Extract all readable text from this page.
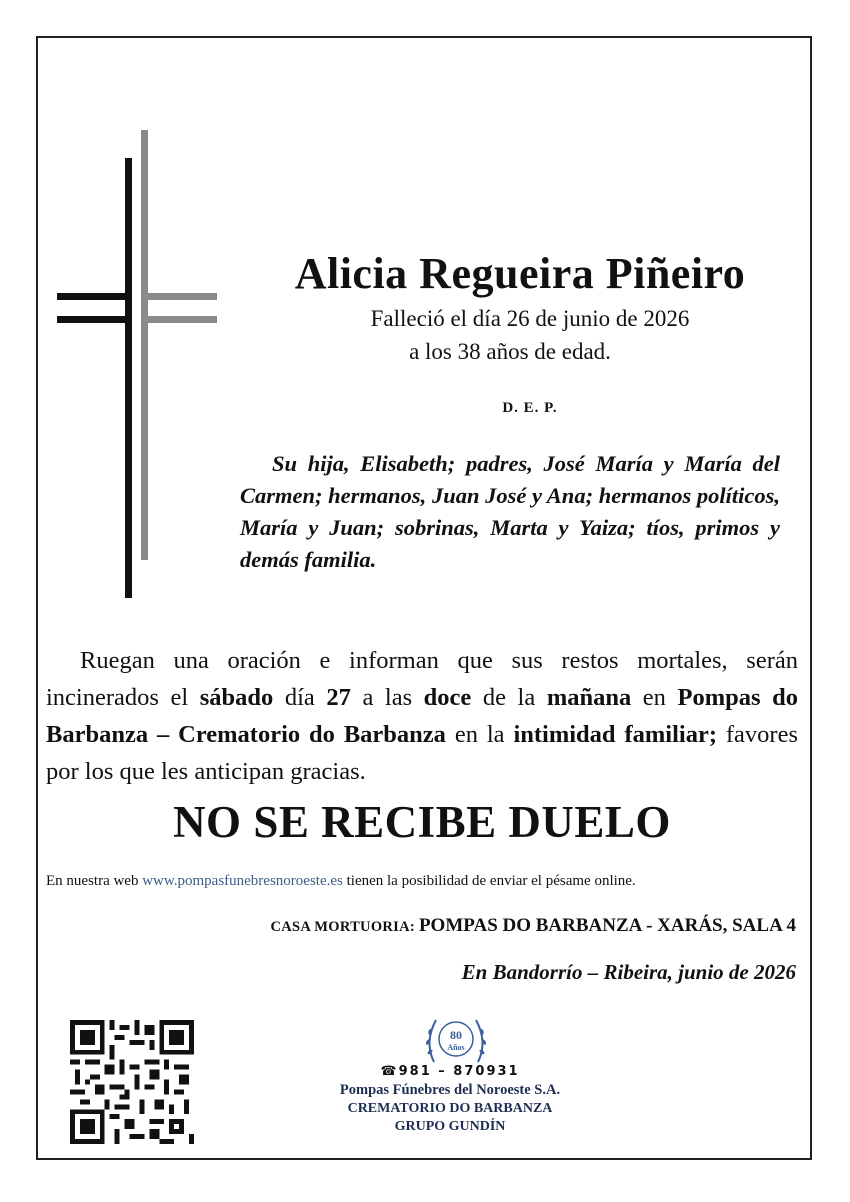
Alicia Regueira Piñeiro
Falleció el día 26 de junio de 2026
a los 38 años de edad.
D. E. P.
Su hija, Elisabeth; padres, José María y María del Carmen; hermanos, Juan José y Ana; hermanos políticos, María y Juan; sobrinas, Marta y Yaiza; tíos, primos y demás familia.
Ruegan una oración e informan que sus restos mortales, serán incinerados el sábado día 27 a las doce de la mañana en Pompas do Barbanza – Crematorio do Barbanza en la intimidad familiar; favores por los que les anticipan gracias.
NO SE RECIBE DUELO
En nuestra web www.pompasfunebresnoroeste.es tienen la posibilidad de enviar el pésame online.
CASA MORTUORIA: POMPAS DO BARBANZA - XARÁS, SALA 4
En Bandorrío – Ribeira, junio de 2026
80
Años
☎981 – 870931
Pompas Fúnebres del Noroeste S.A.
CREMATORIO DO BARBANZA
GRUPO GUNDÍN
